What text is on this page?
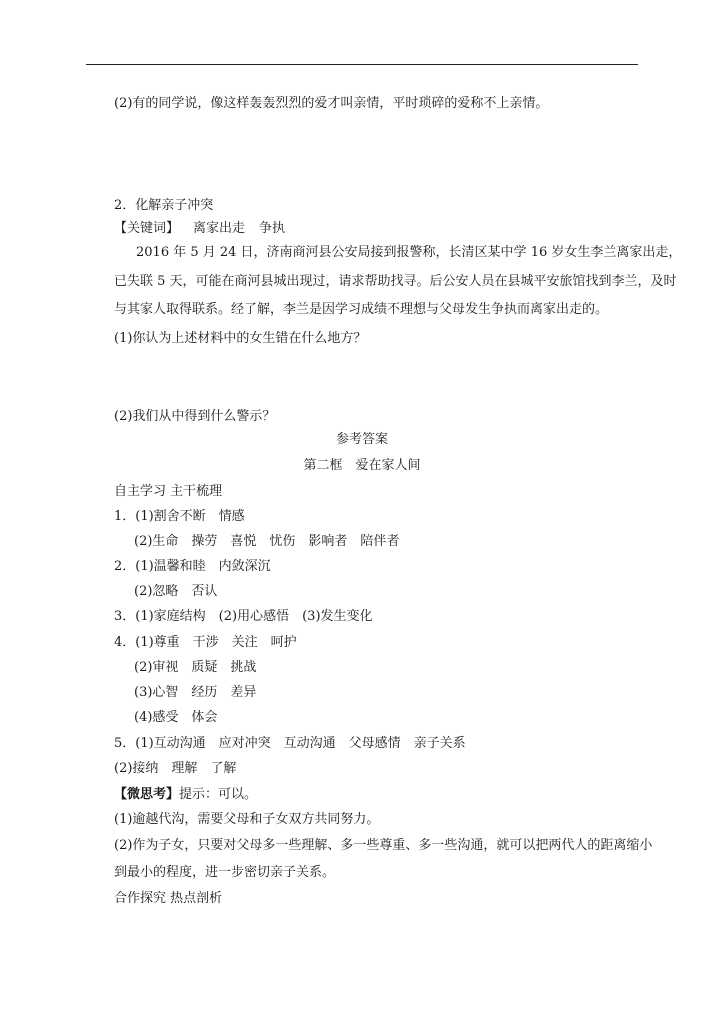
(2)有的同学说，像这样轰轰烈烈的爱才叫亲情，平时琐碎的爱称不上亲情。
2．化解亲子冲突
【关键词】 离家出走 争执
2016 年 5 月 24 日，济南商河县公安局接到报警称，长清区某中学 16 岁女生李兰离家出走，
已失联 5 天，可能在商河县城出现过，请求帮助找寻。后公安人员在县城平安旅馆找到李兰，及时
与其家人取得联系。经了解，李兰是因学习成绩不理想与父母发生争执而离家出走的。
(1)你认为上述材料中的女生错在什么地方？
(2)我们从中得到什么警示？
参考答案
第二框　爱在家人间
自主学习 主干梳理
1．(1)割舍不断　情感
(2)生命　操劳　喜悦　忧伤　影响者　陪伴者
2．(1)温馨和睦　内敛深沉
(2)忽略　否认
3．(1)家庭结构　(2)用心感悟　(3)发生变化
4．(1)尊重　干涉　关注　呵护
(2)审视　质疑　挑战
(3)心智　经历　差异
(4)感受　体会
5．(1)互动沟通　应对冲突　互动沟通　父母感情　亲子关系
(2)接纳　理解　了解
【微思考】提示：可以。
(1)逾越代沟，需要父母和子女双方共同努力。
(2)作为子女，只要对父母多一些理解、多一些尊重、多一些沟通，就可以把两代人的距离缩小
到最小的程度，进一步密切亲子关系。
合作探究 热点剖析
